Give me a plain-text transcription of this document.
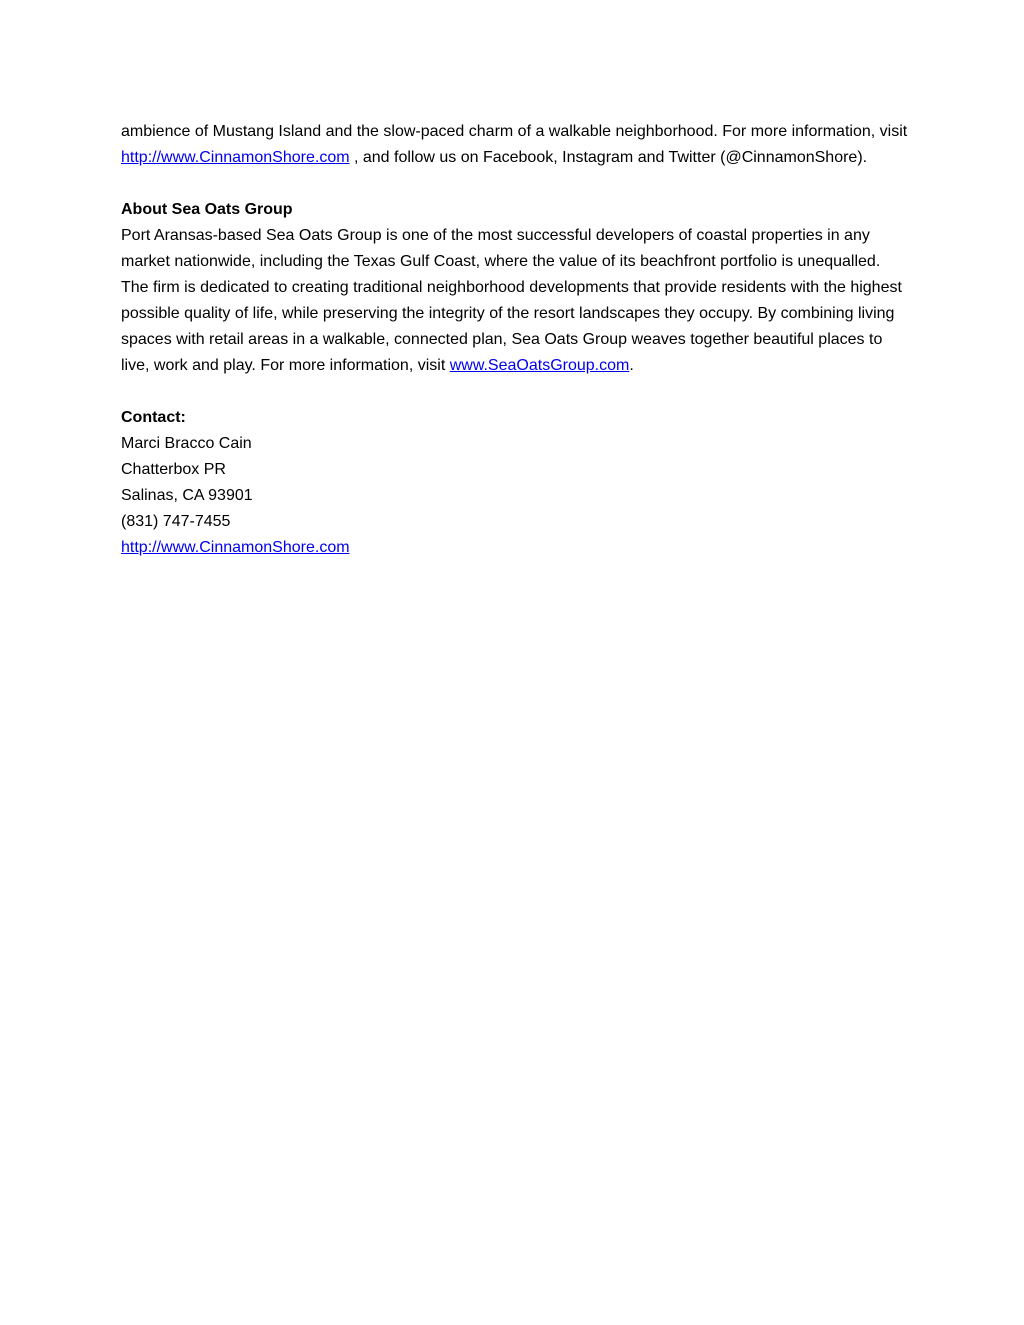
ambience of Mustang Island and the slow-paced charm of a walkable neighborhood. For more information, visit http://www.CinnamonShore.com , and follow us on Facebook, Instagram and Twitter (@CinnamonShore).

About Sea Oats Group

Port Aransas-based Sea Oats Group is one of the most successful developers of coastal properties in any market nationwide, including the Texas Gulf Coast, where the value of its beachfront portfolio is unequalled. The firm is dedicated to creating traditional neighborhood developments that provide residents with the highest possible quality of life, while preserving the integrity of the resort landscapes they occupy. By combining living spaces with retail areas in a walkable, connected plan, Sea Oats Group weaves together beautiful places to live, work and play. For more information, visit www.SeaOatsGroup.com.

Contact:

Marci Bracco Cain
Chatterbox PR
Salinas, CA 93901
(831) 747-7455
http://www.CinnamonShore.com
